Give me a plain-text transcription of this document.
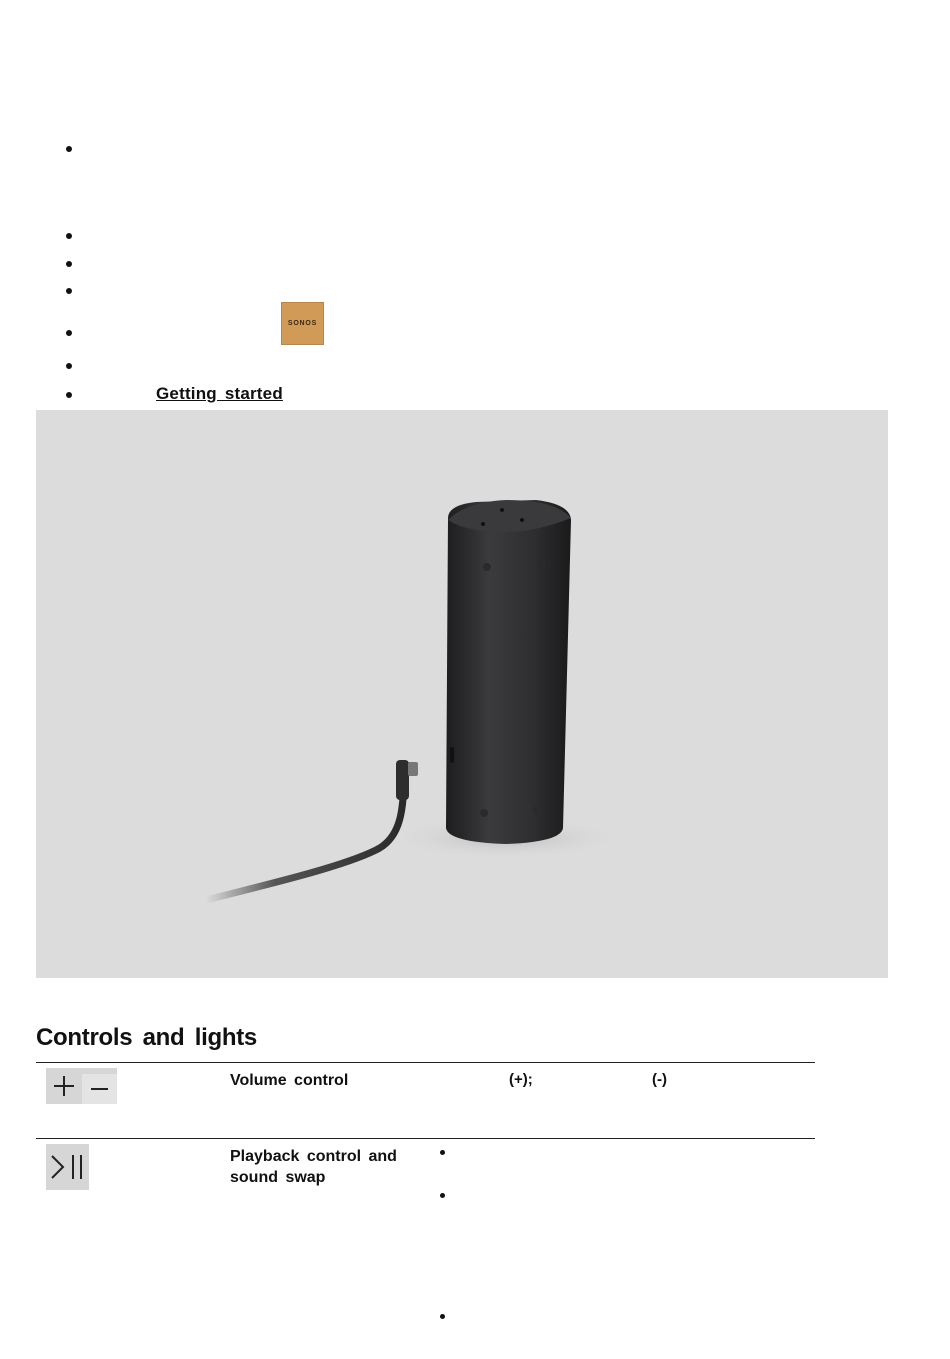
SONOS
Getting started
Controls and lights
Volume control	(+);	(-)
Playback control and sound swap
